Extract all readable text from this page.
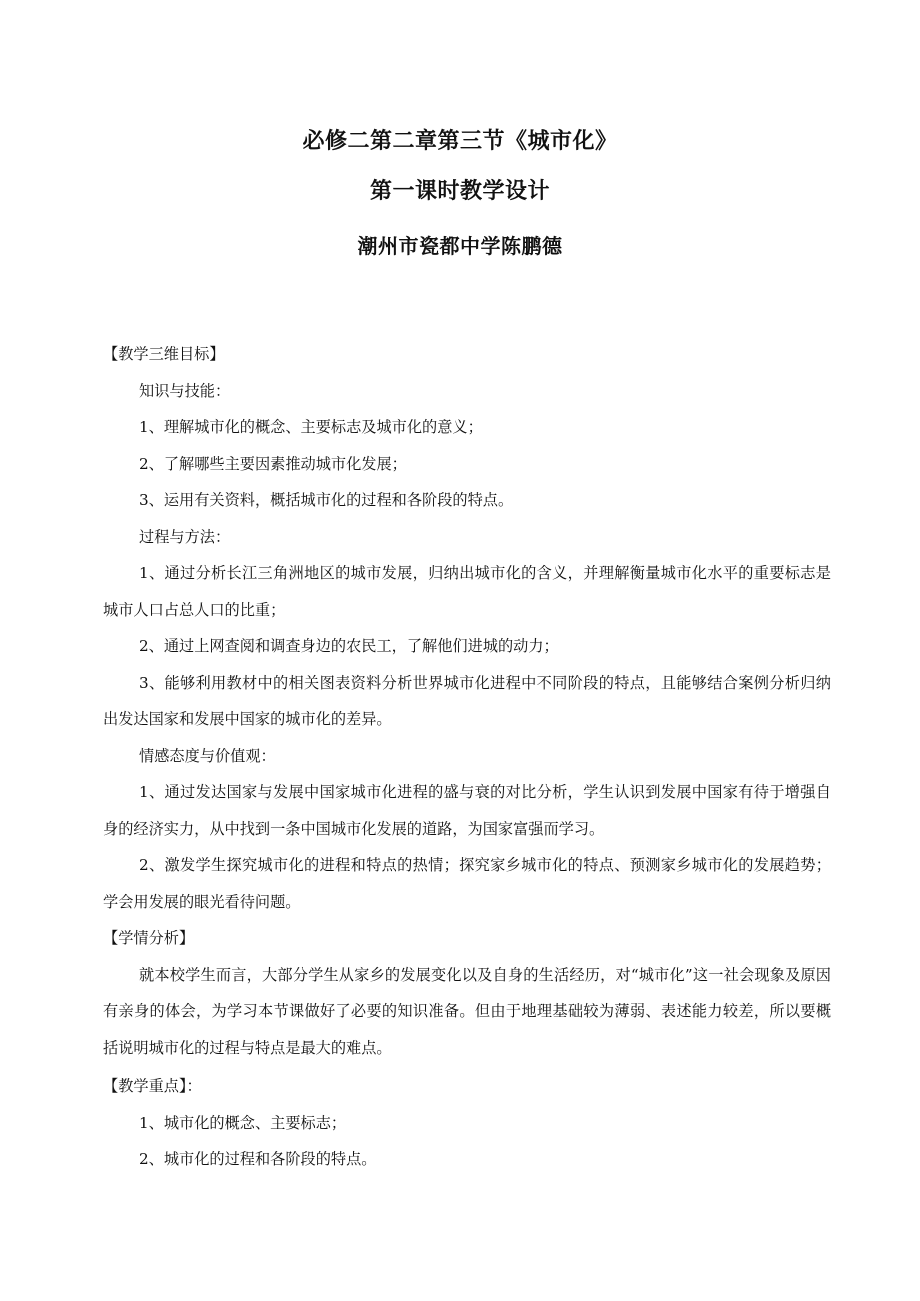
必修二第二章第三节《城市化》
第一课时教学设计
潮州市瓷都中学陈鹏德
【教学三维目标】
知识与技能：
1、理解城市化的概念、主要标志及城市化的意义；
2、了解哪些主要因素推动城市化发展；
3、运用有关资料，概括城市化的过程和各阶段的特点。
过程与方法：
1、通过分析长江三角洲地区的城市发展，归纳出城市化的含义，并理解衡量城市化水平的重要标志是城市人口占总人口的比重；
2、通过上网查阅和调查身边的农民工，了解他们进城的动力；
3、能够利用教材中的相关图表资料分析世界城市化进程中不同阶段的特点，且能够结合案例分析归纳出发达国家和发展中国家的城市化的差异。
情感态度与价值观：
1、通过发达国家与发展中国家城市化进程的盛与衰的对比分析，学生认识到发展中国家有待于增强自身的经济实力，从中找到一条中国城市化发展的道路，为国家富强而学习。
2、激发学生探究城市化的进程和特点的热情；探究家乡城市化的特点、预测家乡城市化的发展趋势；学会用发展的眼光看待问题。
【学情分析】
就本校学生而言，大部分学生从家乡的发展变化以及自身的生活经历，对“城市化”这一社会现象及原因有亲身的体会，为学习本节课做好了必要的知识准备。但由于地理基础较为薄弱、表述能力较差，所以要概括说明城市化的过程与特点是最大的难点。
【教学重点】：
1、城市化的概念、主要标志；
2、城市化的过程和各阶段的特点。
